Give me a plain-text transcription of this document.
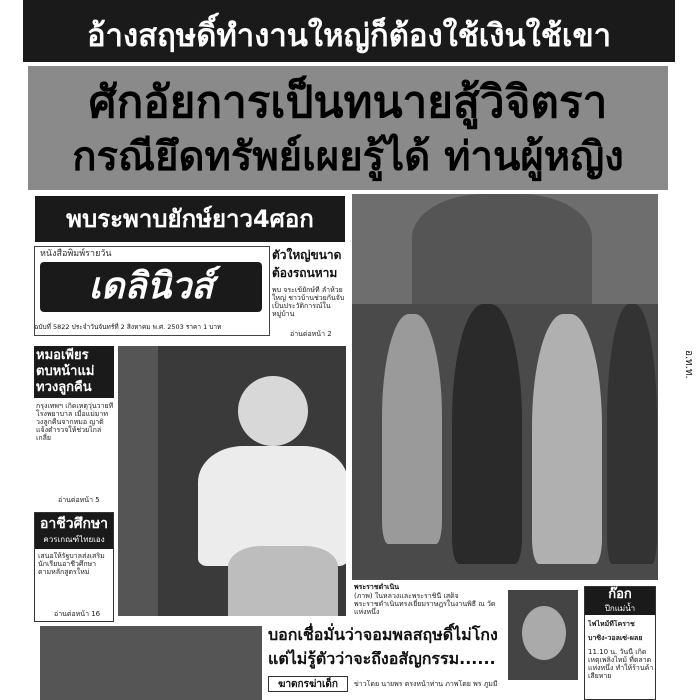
อ้างสฤษดิ์ทำงานใหญ่ก็ต้องใช้เงินใช้เขา
ศักอัยการเป็นทนายสู้วิจิตรา
กรณียึดทรัพย์เผยรู้ได้ ท่านผู้หญิง
พบระพาบยักษ์ยาว4ศอก
หนังสือพิมพ์รายวัน
เดลินิวส์
ฉบับที่ 5822 ประจำวันจันทร์ที่ 2 สิงหาคม พ.ศ. 2503 ราคา 1 บาท
ตัวใหญ่ขนาด
ต้องรถนหาม
พบ จระเข้ยักษ์ที่ ลำห้วยใหญ่ ชาวบ้านช่วยกันจับ เป็นประวัติการณ์ในหมู่บ้าน
อ่านต่อหน้า 2
หมอเพียร
ตบหน้าแม่
ทวงลูกคืน
กรุงเทพฯ เกิดเหตุวุ่นวายที่โรงพยาบาล เมื่อแม่มาทวงลูกคืนจากหมอ ญาติแจ้งตำรวจให้ช่วยไกล่เกลี่ย
อ่านต่อหน้า 5
อาชีวศึกษา
ควรเกณฑ์ไทยเอง
เสนอให้รัฐบาลส่งเสริม นักเรียนอาชีวศึกษา ตามหลักสูตรใหม่
อ่านต่อหน้า 16
พระราชดำเนิน
(ภาพ) ในหลวงและพระราชินี เสด็จพระราชดำเนินทรงเยี่ยมราษฎรในงานพิธี ณ วัดแห่งหนึ่ง
บอกเชื่อมั่นว่าจอมพลสฤษดิ์ไม่โกง
แต่ไม่รู้ตัวว่าจะถึงอสัญกรรม......
ฆาตกรฆ่าเด็ก	ข่าวโดย นายพร ตรงหน้าท่าน ภาพโดย พร ภูมมี
ก๊อก
ปีกแม่น้ำ
ไฟไหม้ที่โคราช
บาซิ่ง-วอลเซ่-ผลย
11.10 น. วันนี้ เกิดเหตุเพลิงไหม้ ที่ตลาดแห่งหนึ่ง ทำให้ร้านค้าเสียหาย
อ.ท.ท.
